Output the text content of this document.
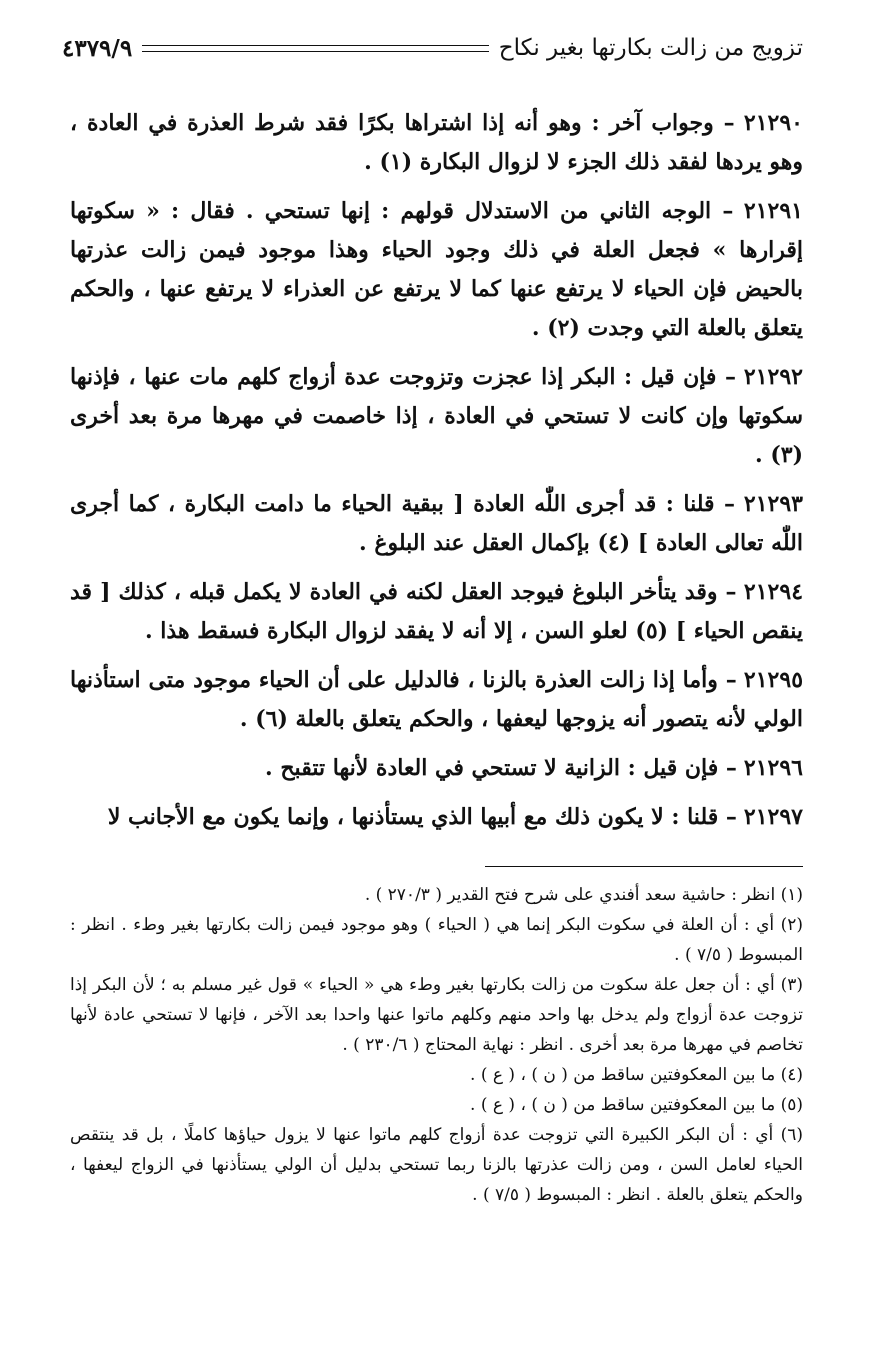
تزويج من زالت بكارتها بغير نكاح
٤٣٧٩/٩

٢١٢٩٠ – وجواب آخر : وهو أنه إذا اشتراها بكرًا فقد شرط العذرة في العادة ، وهو يردها لفقد ذلك الجزء لا لزوال البكارة (١) .

٢١٢٩١ – الوجه الثاني من الاستدلال قولهم : إنها تستحي . فقال : « سكوتها إقرارها » فجعل العلة في ذلك وجود الحياء وهذا موجود فيمن زالت عذرتها بالحيض فإن الحياء لا يرتفع عنها كما لا يرتفع عن العذراء لا يرتفع عنها ، والحكم يتعلق بالعلة التي وجدت (٢) .

٢١٢٩٢ – فإن قيل : البكر إذا عجزت وتزوجت عدة أزواج كلهم مات عنها ، فإذنها سكوتها وإن كانت لا تستحي في العادة ، إذا خاصمت في مهرها مرة بعد أخرى (٣) .

٢١٢٩٣ – قلنا : قد أجرى اللّٰه العادة [ ببقية الحياء ما دامت البكارة ، كما أجرى اللّٰه تعالى العادة ] (٤) بإكمال العقل عند البلوغ .

٢١٢٩٤ – وقد يتأخر البلوغ فيوجد العقل لكنه في العادة لا يكمل قبله ، كذلك [ قد ينقص الحياء ] (٥) لعلو السن ، إلا أنه لا يفقد لزوال البكارة فسقط هذا .

٢١٢٩٥ – وأما إذا زالت العذرة بالزنا ، فالدليل على أن الحياء موجود متى استأذنها الولي لأنه يتصور أنه يزوجها ليعفها ، والحكم يتعلق بالعلة (٦) .

٢١٢٩٦ – فإن قيل : الزانية لا تستحي في العادة لأنها تتقبح .

٢١٢٩٧ – قلنا : لا يكون ذلك مع أبيها الذي يستأذنها ، وإنما يكون مع الأجانب لا

(١) انظر : حاشية سعد أفندي على شرح فتح القدير ( ٢٧٠/٣ ) .

(٢) أي : أن العلة في سكوت البكر إنما هي ( الحياء ) وهو موجود فيمن زالت بكارتها بغير وطء . انظر : المبسوط ( ٧/٥ ) .

(٣) أي : أن جعل علة سكوت من زالت بكارتها بغير وطء هي « الحياء » قول غير مسلم به ؛ لأن البكر إذا تزوجت عدة أزواج ولم يدخل بها واحد منهم وكلهم ماتوا عنها واحدا بعد الآخر ، فإنها لا تستحي عادة لأنها تخاصم في مهرها مرة بعد أخرى . انظر : نهاية المحتاج ( ٢٣٠/٦ ) .

(٤) ما بين المعكوفتين ساقط من ( ن ) ، ( ع ) .

(٥) ما بين المعكوفتين ساقط من ( ن ) ، ( ع ) .

(٦) أي : أن البكر الكبيرة التي تزوجت عدة أزواج كلهم ماتوا عنها لا يزول حياؤها كاملًا ، بل قد ينتقص الحياء لعامل السن ، ومن زالت عذرتها بالزنا ربما تستحي بدليل أن الولي يستأذنها في الزواج ليعفها ، والحكم يتعلق بالعلة . انظر : المبسوط ( ٧/٥ ) .
